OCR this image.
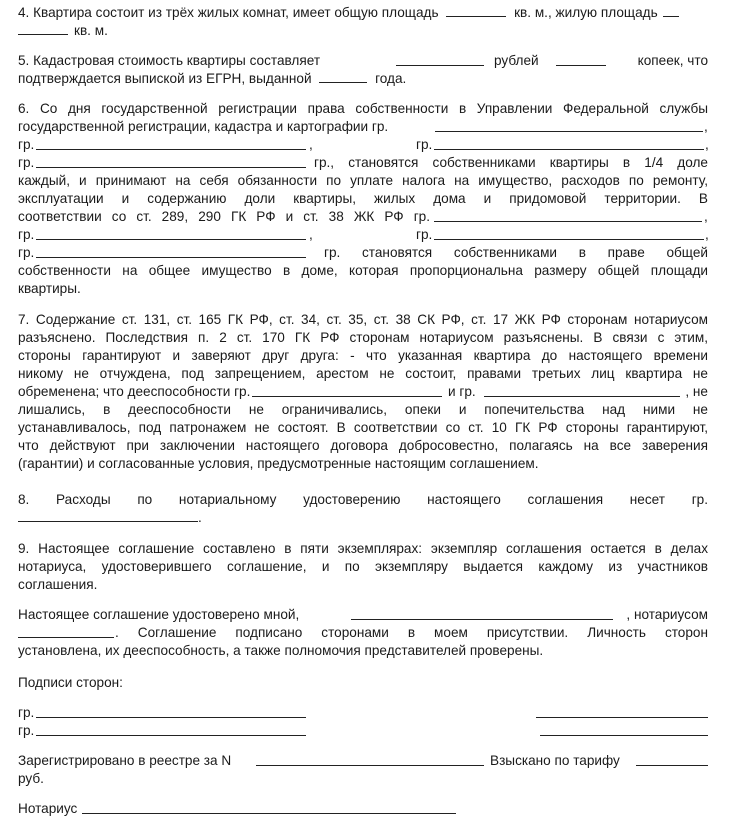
4. Квартира состоит из трёх жилых комнат, имеет общую площадь	кв. м., жилую площадь
кв. м.
5. Кадастровая стоимость квартиры составляет	рублей	копеек, что
подтверждается выпиской из ЕГРН, выданной	года.
6. Со дня государственной регистрации права собственности в Управлении Федеральной службы
государственной регистрации, кадастра и картографии гр.	,
гр.	,	гр.	,
гр.	гр., становятся собственниками квартиры в 1/4 доле
каждый, и принимают на себя обязанности по уплате налога на имущество, расходов по ремонту,
эксплуатации и содержанию доли квартиры, жилых дома и придомовой территории. В
соответствии со ст. 289, 290 ГК РФ и ст. 38 ЖК РФ гр.	,
гр.	,	гр.	,
гр.	гр. становятся собственниками в праве общей
собственности на общее имущество в доме, которая пропорциональна размеру общей площади
квартиры.
7. Содержание ст. 131, ст. 165 ГК РФ, ст. 34, ст. 35, ст. 38 СК РФ, ст. 17 ЖК РФ сторонам нотариусом
разъяснено. Последствия п. 2 ст. 170 ГК РФ сторонам нотариусом разъяснены. В связи с этим,
стороны гарантируют и заверяют друг друга: - что указанная квартира до настоящего времени
никому не отчуждена, под запрещением, арестом не состоит, правами третьих лиц квартира не
обременена; что дееспособности гр.	и гр.	, не
лишались, в дееспособности не ограничивались, опеки и попечительства над ними не
устанавливалось, под патронажем не состоят. В соответствии со ст. 10 ГК РФ стороны гарантируют,
что действуют при заключении настоящего договора добросовестно, полагаясь на все заверения
(гарантии) и согласованные условия, предусмотренные настоящим соглашением.
8. Расходы по нотариальному удостоверению настоящего соглашения несет гр.
.
9. Настоящее соглашение составлено в пяти экземплярах: экземпляр соглашения остается в делах
нотариуса, удостоверившего соглашение, и по экземпляру выдается каждому из участников
соглашения.
Настоящее соглашение удостоверено мной,	, нотариусом
. Соглашение подписано сторонами в моем присутствии. Личность сторон
установлена, их дееспособность, а также полномочия представителей проверены.
Подписи сторон:
гр.
гр.
Зарегистрировано в реестре за N	Взыскано по тарифу
руб.
Нотариус
